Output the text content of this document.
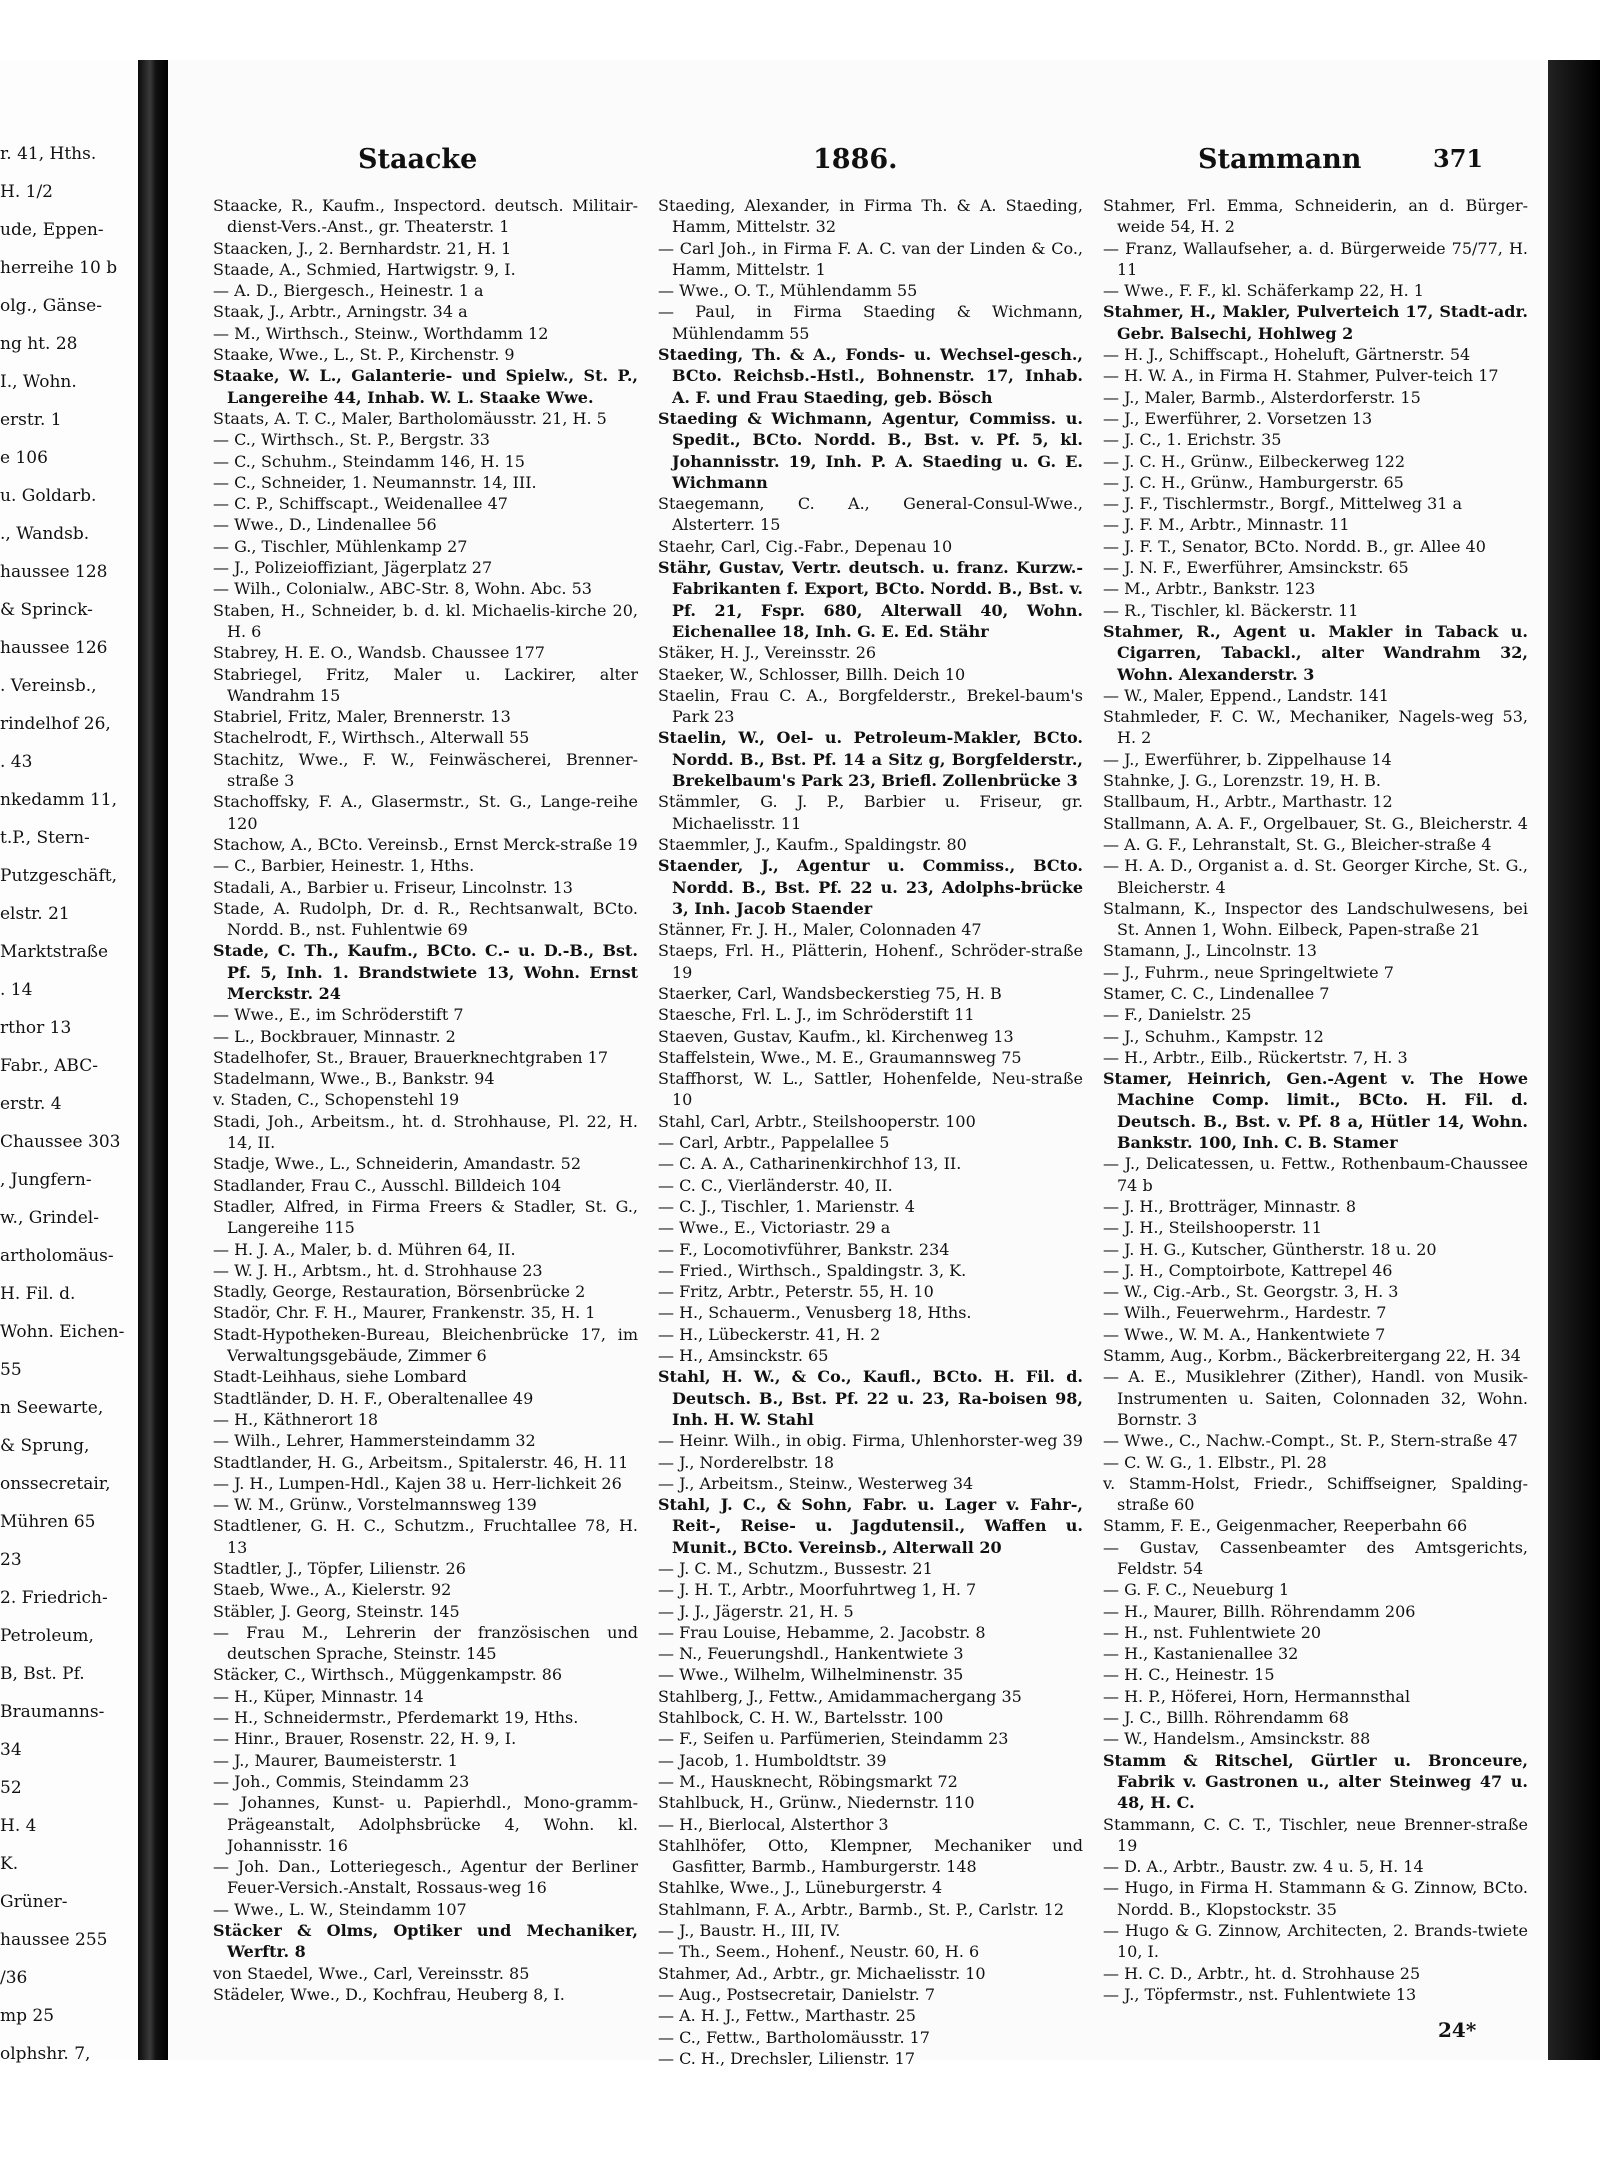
r. 41, Hths.
H. 1/2
ude, Eppen-
herreihe 10 b
olg., Gänse-
ng ht. 28
I., Wohn.
erstr. 1
e 106
u. Goldarb.
., Wandsb.
haussee 128
& Sprinck-
haussee 126
. Vereinsb.,
rindelhof 26,
. 43
nkedamm 11,
t.P., Stern-
Putzgeschäft,
elstr. 21
Marktstraße
. 14
rthor 13
Fabr., ABC-
erstr. 4
Chaussee 303
, Jungfern-
w., Grindel-
artholomäus-
H. Fil. d.
Wohn. Eichen-
55
n Seewarte,
& Sprung,
onssecretair,
Mühren 65
23
2. Friedrich-
Petroleum,
B, Bst. Pf.
Braumanns-
34
52
H. 4
K.
Grüner-
haussee 255
/36
mp 25
olphshr. 7,
Staacke	1886.	Stammann	371

Staacke, R., Kaufm., Inspectord. deutsch. Militair-dienst-Vers.-Anst., gr. Theaterstr. 1

Staacken, J., 2. Bernhardstr. 21, H. 1

Staade, A., Schmied, Hartwigstr. 9, I.

— A. D., Biergesch., Heinestr. 1 a

Staak, J., Arbtr., Arningstr. 34 a

— M., Wirthsch., Steinw., Worthdamm 12

Staake, Wwe., L., St. P., Kirchenstr. 9

Staake, W. L., Galanterie- und Spielw., St. P., Langereihe 44, Inhab. W. L. Staake Wwe.

Staats, A. T. C., Maler, Bartholomäusstr. 21, H. 5

— C., Wirthsch., St. P., Bergstr. 33

— C., Schuhm., Steindamm 146, H. 15

— C., Schneider, 1. Neumannstr. 14, III.

— C. P., Schiffscapt., Weidenallee 47

— Wwe., D., Lindenallee 56

— G., Tischler, Mühlenkamp 27

— J., Polizeioffiziant, Jägerplatz 27

— Wilh., Colonialw., ABC-Str. 8, Wohn. Abc. 53

Staben, H., Schneider, b. d. kl. Michaelis-kirche 20, H. 6

Stabrey, H. E. O., Wandsb. Chaussee 177

Stabriegel, Fritz, Maler u. Lackirer, alter Wandrahm 15

Stabriel, Fritz, Maler, Brennerstr. 13

Stachelrodt, F., Wirthsch., Alterwall 55

Stachitz, Wwe., F. W., Feinwäscherei, Brenner-straße 3

Stachoffsky, F. A., Glasermstr., St. G., Lange-reihe 120

Stachow, A., BCto. Vereinsb., Ernst Merck-straße 19

— C., Barbier, Heinestr. 1, Hths.

Stadali, A., Barbier u. Friseur, Lincolnstr. 13

Stade, A. Rudolph, Dr. d. R., Rechtsanwalt, BCto. Nordd. B., nst. Fuhlentwie 69

Stade, C. Th., Kaufm., BCto. C.- u. D.-B., Bst. Pf. 5, Inh. 1. Brandstwiete 13, Wohn. Ernst Merckstr. 24

— Wwe., E., im Schröderstift 7

— L., Bockbrauer, Minnastr. 2

Stadelhofer, St., Brauer, Brauerknechtgraben 17

Stadelmann, Wwe., B., Bankstr. 94

v. Staden, C., Schopenstehl 19

Stadi, Joh., Arbeitsm., ht. d. Strohhause, Pl. 22, H. 14, II.

Stadje, Wwe., L., Schneiderin, Amandastr. 52

Stadlander, Frau C., Ausschl. Billdeich 104

Stadler, Alfred, in Firma Freers & Stadler, St. G., Langereihe 115

— H. J. A., Maler, b. d. Mühren 64, II.

— W. J. H., Arbtsm., ht. d. Strohhause 23

Stadly, George, Restauration, Börsenbrücke 2

Stadör, Chr. F. H., Maurer, Frankenstr. 35, H. 1

Stadt-Hypotheken-Bureau, Bleichenbrücke 17, im Verwaltungsgebäude, Zimmer 6

Stadt-Leihhaus, siehe Lombard

Stadtländer, D. H. F., Oberaltenallee 49

— H., Käthnerort 18

— Wilh., Lehrer, Hammersteindamm 32

Stadtlander, H. G., Arbeitsm., Spitalerstr. 46, H. 11

— J. H., Lumpen-Hdl., Kajen 38 u. Herr-lichkeit 26

— W. M., Grünw., Vorstelmannsweg 139

Stadtlener, G. H. C., Schutzm., Fruchtallee 78, H. 13

Stadtler, J., Töpfer, Lilienstr. 26

Staeb, Wwe., A., Kielerstr. 92

Stäbler, J. Georg, Steinstr. 145

— Frau M., Lehrerin der französischen und deutschen Sprache, Steinstr. 145

Stäcker, C., Wirthsch., Müggenkampstr. 86

— H., Küper, Minnastr. 14

— H., Schneidermstr., Pferdemarkt 19, Hths.

— Hinr., Brauer, Rosenstr. 22, H. 9, I.

— J., Maurer, Baumeisterstr. 1

— Joh., Commis, Steindamm 23

— Johannes, Kunst- u. Papierhdl., Mono-gramm-Prägeanstalt, Adolphsbrücke 4, Wohn. kl. Johannisstr. 16

— Joh. Dan., Lotteriegesch., Agentur der Berliner Feuer-Versich.-Anstalt, Rossaus-weg 16

— Wwe., L. W., Steindamm 107

Stäcker & Olms, Optiker und Mechaniker, Werftr. 8

von Staedel, Wwe., Carl, Vereinsstr. 85

Städeler, Wwe., D., Kochfrau, Heuberg 8, I.

Staeding, Alexander, in Firma Th. & A. Staeding, Hamm, Mittelstr. 32

— Carl Joh., in Firma F. A. C. van der Linden & Co., Hamm, Mittelstr. 1

— Wwe., O. T., Mühlendamm 55

— Paul, in Firma Staeding & Wichmann, Mühlendamm 55

Staeding, Th. & A., Fonds- u. Wechsel-gesch., BCto. Reichsb.-Hstl., Bohnenstr. 17, Inhab. A. F. und Frau Staeding, geb. Bösch

Staeding & Wichmann, Agentur, Commiss. u. Spedit., BCto. Nordd. B., Bst. v. Pf. 5, kl. Johannisstr. 19, Inh. P. A. Staeding u. G. E. Wichmann

Staegemann, C. A., General-Consul-Wwe., Alsterterr. 15

Staehr, Carl, Cig.-Fabr., Depenau 10

Stähr, Gustav, Vertr. deutsch. u. franz. Kurzw.-Fabrikanten f. Export, BCto. Nordd. B., Bst. v. Pf. 21, Fspr. 680, Alterwall 40, Wohn. Eichenallee 18, Inh. G. E. Ed. Stähr

Stäker, H. J., Vereinsstr. 26

Staeker, W., Schlosser, Billh. Deich 10

Staelin, Frau C. A., Borgfelderstr., Brekel-baum's Park 23

Staelin, W., Oel- u. Petroleum-Makler, BCto. Nordd. B., Bst. Pf. 14 a Sitz g, Borgfelderstr., Brekelbaum's Park 23, Briefl. Zollenbrücke 3

Stämmler, G. J. P., Barbier u. Friseur, gr. Michaelisstr. 11

Staemmler, J., Kaufm., Spaldingstr. 80

Staender, J., Agentur u. Commiss., BCto. Nordd. B., Bst. Pf. 22 u. 23, Adolphs-brücke 3, Inh. Jacob Staender

Stänner, Fr. J. H., Maler, Colonnaden 47

Staeps, Frl. H., Plätterin, Hohenf., Schröder-straße 19

Staerker, Carl, Wandsbeckerstieg 75, H. B

Staesche, Frl. L. J., im Schröderstift 11

Staeven, Gustav, Kaufm., kl. Kirchenweg 13

Staffelstein, Wwe., M. E., Graumannsweg 75

Staffhorst, W. L., Sattler, Hohenfelde, Neu-straße 10

Stahl, Carl, Arbtr., Steilshooperstr. 100

— Carl, Arbtr., Pappelallee 5

— C. A. A., Catharinenkirchhof 13, II.

— C. C., Vierländerstr. 40, II.

— C. J., Tischler, 1. Marienstr. 4

— Wwe., E., Victoriastr. 29 a

— F., Locomotivführer, Bankstr. 234

— Fried., Wirthsch., Spaldingstr. 3, K.

— Fritz, Arbtr., Peterstr. 55, H. 10

— H., Schauerm., Venusberg 18, Hths.

— H., Lübeckerstr. 41, H. 2

— H., Amsinckstr. 65

Stahl, H. W., & Co., Kaufl., BCto. H. Fil. d. Deutsch. B., Bst. Pf. 22 u. 23, Ra-boisen 98, Inh. H. W. Stahl

— Heinr. Wilh., in obig. Firma, Uhlenhorster-weg 39

— J., Norderelbstr. 18

— J., Arbeitsm., Steinw., Westerweg 34

Stahl, J. C., & Sohn, Fabr. u. Lager v. Fahr-, Reit-, Reise- u. Jagdutensil., Waffen u. Munit., BCto. Vereinsb., Alterwall 20

— J. C. M., Schutzm., Bussestr. 21

— J. H. T., Arbtr., Moorfuhrtweg 1, H. 7

— J. J., Jägerstr. 21, H. 5

— Frau Louise, Hebamme, 2. Jacobstr. 8

— N., Feuerungshdl., Hankentwiete 3

— Wwe., Wilhelm, Wilhelminenstr. 35

Stahlberg, J., Fettw., Amidammachergang 35

Stahlbock, C. H. W., Bartelsstr. 100

— F., Seifen u. Parfümerien, Steindamm 23

— Jacob, 1. Humboldtstr. 39

— M., Hausknecht, Röbingsmarkt 72

Stahlbuck, H., Grünw., Niedernstr. 110

— H., Bierlocal, Alsterthor 3

Stahlhöfer, Otto, Klempner, Mechaniker und Gasfitter, Barmb., Hamburgerstr. 148

Stahlke, Wwe., J., Lüneburgerstr. 4

Stahlmann, F. A., Arbtr., Barmb., St. P., Carlstr. 12

— J., Baustr. H., III, IV.

— Th., Seem., Hohenf., Neustr. 60, H. 6

Stahmer, Ad., Arbtr., gr. Michaelisstr. 10

— Aug., Postsecretair, Danielstr. 7

— A. H. J., Fettw., Marthastr. 25

— C., Fettw., Bartholomäusstr. 17

— C. H., Drechsler, Lilienstr. 17

Stahmer, Frl. Emma, Schneiderin, an d. Bürger-weide 54, H. 2

— Franz, Wallaufseher, a. d. Bürgerweide 75/77, H. 11

— Wwe., F. F., kl. Schäferkamp 22, H. 1

Stahmer, H., Makler, Pulverteich 17, Stadt-adr. Gebr. Balsechi, Hohlweg 2

— H. J., Schiffscapt., Hoheluft, Gärtnerstr. 54

— H. W. A., in Firma H. Stahmer, Pulver-teich 17

— J., Maler, Barmb., Alsterdorferstr. 15

— J., Ewerführer, 2. Vorsetzen 13

— J. C., 1. Erichstr. 35

— J. C. H., Grünw., Eilbeckerweg 122

— J. C. H., Grünw., Hamburgerstr. 65

— J. F., Tischlermstr., Borgf., Mittelweg 31 a

— J. F. M., Arbtr., Minnastr. 11

— J. F. T., Senator, BCto. Nordd. B., gr. Allee 40

— J. N. F., Ewerführer, Amsinckstr. 65

— M., Arbtr., Bankstr. 123

— R., Tischler, kl. Bäckerstr. 11

Stahmer, R., Agent u. Makler in Taback u. Cigarren, Tabackl., alter Wandrahm 32, Wohn. Alexanderstr. 3

— W., Maler, Eppend., Landstr. 141

Stahmleder, F. C. W., Mechaniker, Nagels-weg 53, H. 2

— J., Ewerführer, b. Zippelhause 14

Stahnke, J. G., Lorenzstr. 19, H. B.

Stallbaum, H., Arbtr., Marthastr. 12

Stallmann, A. A. F., Orgelbauer, St. G., Bleicherstr. 4

— A. G. F., Lehranstalt, St. G., Bleicher-straße 4

— H. A. D., Organist a. d. St. Georger Kirche, St. G., Bleicherstr. 4

Stalmann, K., Inspector des Landschulwesens, bei St. Annen 1, Wohn. Eilbeck, Papen-straße 21

Stamann, J., Lincolnstr. 13

— J., Fuhrm., neue Springeltwiete 7

Stamer, C. C., Lindenallee 7

— F., Danielstr. 25

— J., Schuhm., Kampstr. 12

— H., Arbtr., Eilb., Rückertstr. 7, H. 3

Stamer, Heinrich, Gen.-Agent v. The Howe Machine Comp. limit., BCto. H. Fil. d. Deutsch. B., Bst. v. Pf. 8 a, Hütler 14, Wohn. Bankstr. 100, Inh. C. B. Stamer

— J., Delicatessen, u. Fettw., Rothenbaum-Chaussee 74 b

— J. H., Brotträger, Minnastr. 8

— J. H., Steilshooperstr. 11

— J. H. G., Kutscher, Güntherstr. 18 u. 20

— J. H., Comptoirbote, Kattrepel 46

— W., Cig.-Arb., St. Georgstr. 3, H. 3

— Wilh., Feuerwehrm., Hardestr. 7

— Wwe., W. M. A., Hankentwiete 7

Stamm, Aug., Korbm., Bäckerbreitergang 22, H. 34

— A. E., Musiklehrer (Zither), Handl. von Musik-Instrumenten u. Saiten, Colonnaden 32, Wohn. Bornstr. 3

— Wwe., C., Nachw.-Compt., St. P., Stern-straße 47

— C. W. G., 1. Elbstr., Pl. 28

v. Stamm-Holst, Friedr., Schiffseigner, Spalding-straße 60

Stamm, F. E., Geigenmacher, Reeperbahn 66

— Gustav, Cassenbeamter des Amtsgerichts, Feldstr. 54

— G. F. C., Neueburg 1

— H., Maurer, Billh. Röhrendamm 206

— H., nst. Fuhlentwiete 20

— H., Kastanienallee 32

— H. C., Heinestr. 15

— H. P., Höferei, Horn, Hermannsthal

— J. C., Billh. Röhrendamm 68

— W., Handelsm., Amsinckstr. 88

Stamm & Ritschel, Gürtler u. Bronceure, Fabrik v. Gastronen u., alter Steinweg 47 u. 48, H. C.

Stammann, C. C. T., Tischler, neue Brenner-straße 19

— D. A., Arbtr., Baustr. zw. 4 u. 5, H. 14

— Hugo, in Firma H. Stammann & G. Zinnow, BCto. Nordd. B., Klopstockstr. 35

— Hugo & G. Zinnow, Architecten, 2. Brands-twiete 10, I.

— H. C. D., Arbtr., ht. d. Strohhause 25

— J., Töpfermstr., nst. Fuhlentwiete 13

24*
